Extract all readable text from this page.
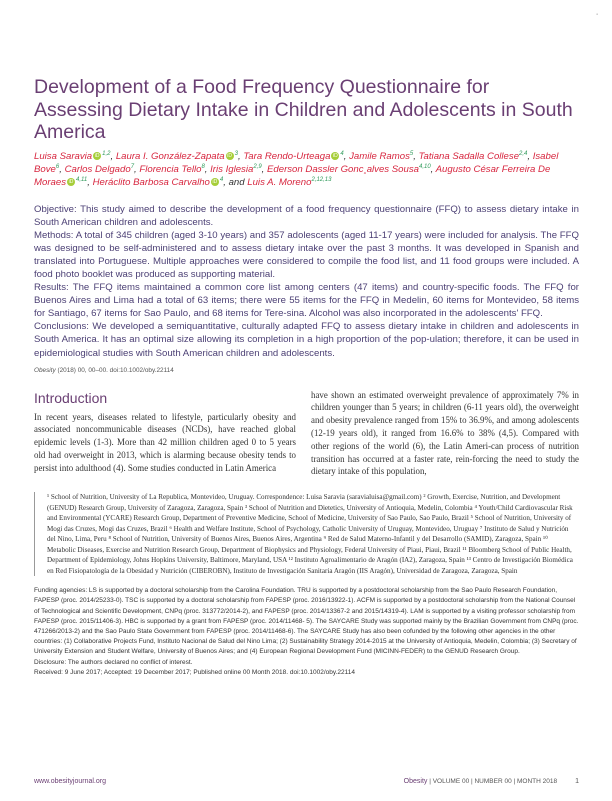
Development of a Food Frequency Questionnaire for Assessing Dietary Intake in Children and Adolescents in South America
Luisa Saravia iD $^{1,2}$, Laura I. González-Zapata iD $^3$, Tara Rendo-Urteaga iD $^4$, Jamile Ramos$^5$, Tatiana Sadalla Collese$^{2,4}$, Isabel Bove$^6$, Carlos Delgado$^7$, Florencia Tello$^8$, Iris Iglesia$^{2,9}$, Ederson Dassler Gonc¸alves Sousa$^{4,10}$, Augusto César Ferreira De Moraes iD $^{4,11}$, Heráclito Barbosa Carvalho iD $^4$, and Luis A. Moreno$^{2,12,13}$

Objective: This study aimed to describe the development of a food frequency questionnaire (FFQ) to assess dietary intake in South American children and adolescents.

Methods: A total of 345 children (aged 3-10 years) and 357 adolescents (aged 11-17 years) were included for analysis. The FFQ was designed to be self-administered and to assess dietary intake over the past 3 months. It was developed in Spanish and translated into Portuguese. Multiple approaches were considered to compile the food list, and 11 food groups were included. A food photo booklet was produced as supporting material.

Results: The FFQ items maintained a common core list among centers (47 items) and country-specific foods. The FFQ for Buenos Aires and Lima had a total of 63 items; there were 55 items for the FFQ in Medelin, 60 items for Montevideo, 58 items for Santiago, 67 items for Sao Paulo, and 68 items for Tere-sina. Alcohol was also incorporated in the adolescents' FFQ.

Conclusions: We developed a semiquantitative, culturally adapted FFQ to assess dietary intake in children and adolescents in South America. It has an optimal size allowing its completion in a high proportion of the pop-ulation; therefore, it can be used in epidemiological studies with South American children and adolescents.

Obesity (2018) 00, 00–00. doi:10.1002/oby.22114
Introduction
In recent years, diseases related to lifestyle, particularly obesity and associated noncommunicable diseases (NCDs), have reached global epidemic levels (1-3). More than 42 million children aged 0 to 5 years old had overweight in 2013, which is alarming because obesity tends to persist into adulthood (4). Some studies conducted in Latin America
have shown an estimated overweight prevalence of approximately 7% in children younger than 5 years; in children (6-11 years old), the overweight and obesity prevalence ranged from 15% to 36.9%, and among adolescents (12-19 years old), it ranged from 16.6% to 38% (4,5). Compared with other regions of the world (6), the Latin Ameri-can process of nutrition transition has occurred at a faster rate, rein-forcing the need to study the dietary intake of this population,
¹ School of Nutrition, University of La Republica, Montevideo, Uruguay. Correspondence: Luisa Saravia (saravialuisa@gmail.com) ² Growth, Exercise, Nutrition, and Development (GENUD) Research Group, University of Zaragoza, Zaragoza, Spain ³ School of Nutrition and Dietetics, University of Antioquia, Medelin, Colombia ⁴ Youth/Child Cardiovascular Risk and Environmental (YCARE) Research Group, Department of Preventive Medicine, School of Medicine, University of Sao Paulo, Sao Paulo, Brazil ⁵ School of Nutrition, University of Mogi das Cruzes, Mogi das Cruzes, Brazil ⁶ Health and Welfare Institute, School of Psychology, Catholic University of Uruguay, Montevideo, Uruguay ⁷ Instituto de Salud y Nutrición del Nino, Lima, Peru ⁸ School of Nutrition, University of Buenos Aires, Buenos Aires, Argentina ⁹ Red de Salud Materno-Infantil y del Desarrollo (SAMID), Zaragoza, Spain ¹⁰ Metabolic Diseases, Exercise and Nutrition Research Group, Department of Biophysics and Physiology, Federal University of Piaui, Piaui, Brazil ¹¹ Bloomberg School of Public Health, Department of Epidemiology, Johns Hopkins University, Baltimore, Maryland, USA ¹² Instituto Agroalimentario de Aragón (IA2), Zaragoza, Spain ¹³ Centro de Investigación Biomédica en Red Fisiopatología de la Obesidad y Nutrición (CIBEROBN), Instituto de Investigación Sanitaria Aragón (IIS Aragón), Universidad de Zaragoza, Zaragoza, Spain

Funding agencies: LS is supported by a doctoral scholarship from the Carolina Foundation. TRU is supported by a postdoctoral scholarship from the Sao Paulo Research Foundation, FAPESP (proc. 2014/25233-0). TSC is supported by a doctoral scholarship from FAPESP (proc. 2016/13922-1). ACFM is supported by a postdoctoral scholarship from the National Counsel of Technological and Scientific Development, CNPq (proc. 313772/2014-2), and FAPESP (proc. 2014/13367-2 and 2015/14319-4). LAM is supported by a visiting professor scholarship from FAPESP (proc. 2015/11406-3). HBC is supported by a grant from FAPESP (proc. 2014/11468- 5). The SAYCARE Study was supported mainly by the Brazilian Government from CNPq (proc. 471266/2013-2) and the Sao Paulo State Government from FAPESP (proc. 2014/11468-6). The SAYCARE Study has also been cofunded by the following other agencies in the other countries: (1) Collaborative Projects Fund, Instituto Nacional de Salud del Nino Lima; (2) Sustainability Strategy 2014-2015 at the University of Antioquia, Medelin, Colombia; (3) Secretary of University Extension and Student Welfare, University of Buenos Aires; and (4) European Regional Development Fund (MICINN-FEDER) to the GENUD Research Group.

Disclosure: The authors declared no conflict of interest.

Received: 9 June 2017; Accepted: 19 December 2017; Published online 00 Month 2018. doi:10.1002/oby.22114

www.obesityjournal.org	Obesity | VOLUME 00 | NUMBER 00 | MONTH 2018	1
▪
